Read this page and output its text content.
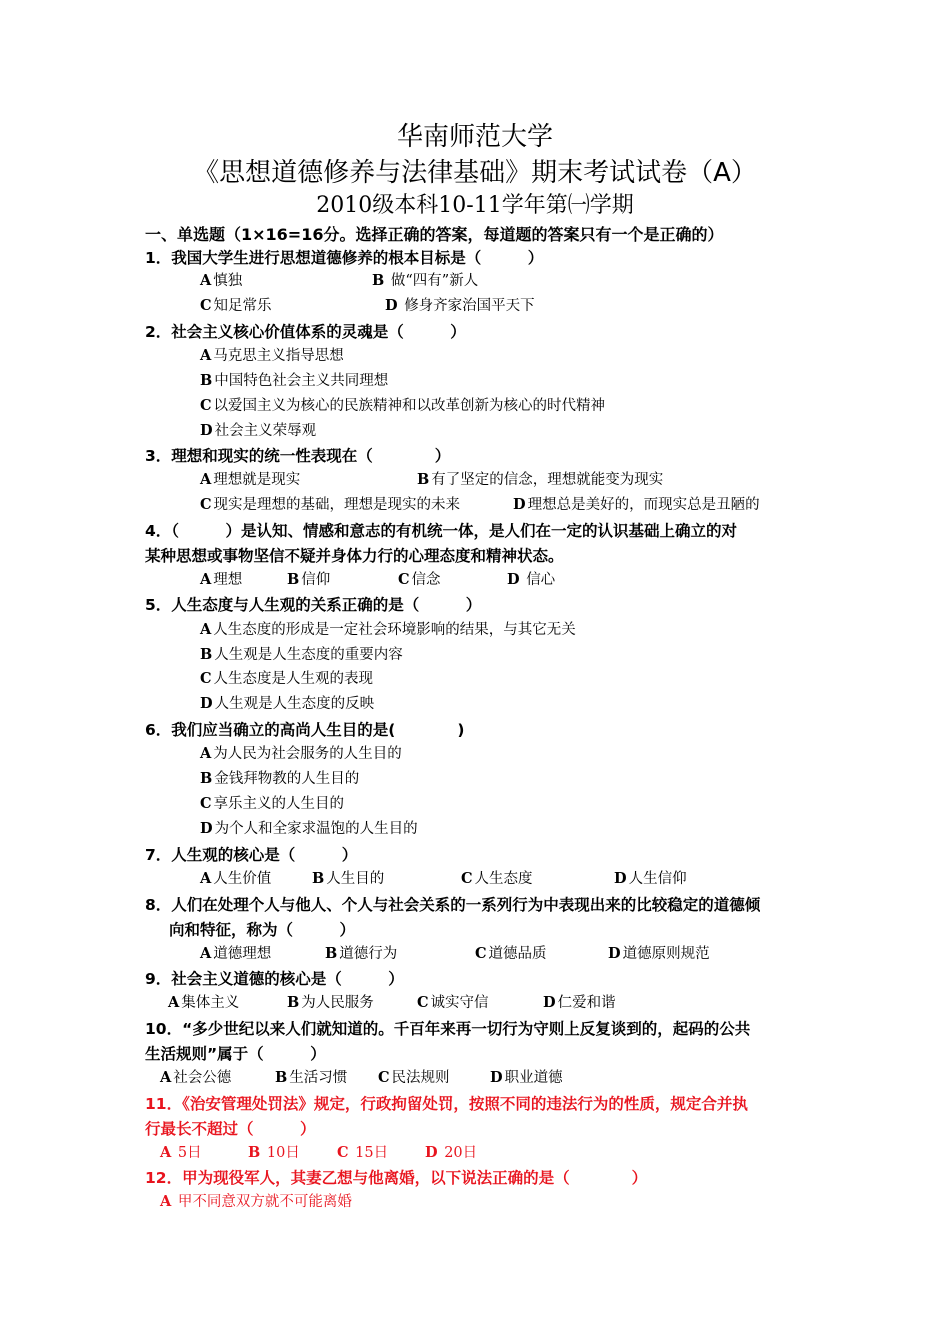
华南师范大学
《思想道德修养与法律基础》期末考试试卷（A）
2010级本科10-11学年第㈠学期
一、单选题（1×16=16分。选择正确的答案，每道题的答案只有一个是正确的）

1．我国大学生进行思想道德修养的根本目标是（　　　）

A 慎独	B 做“四有”新人
C 知足常乐	D 修身齐家治国平天下

2．社会主义核心价值体系的灵魂是（　　　）

A 马克思主义指导思想
B 中国特色社会主义共同理想
C 以爱国主义为核心的民族精神和以改革创新为核心的时代精神
D 社会主义荣辱观

3．理想和现实的统一性表现在（　　　　）

A 理想就是现实	B 有了坚定的信念，理想就能变为现实
C 现实是理想的基础，理想是现实的未来	D 理想总是美好的，而现实总是丑陋的

4．（　　　）是认知、情感和意志的有机统一体，是人们在一定的认识基础上确立的对
某种思想或事物坚信不疑并身体力行的心理态度和精神状态。

A 理想	B 信仰	C 信念	D 信心

5．人生态度与人生观的关系正确的是（　　　）

A 人生态度的形成是一定社会环境影响的结果，与其它无关
B 人生观是人生态度的重要内容
C 人生态度是人生观的表现
D 人生观是人生态度的反映

6．我们应当确立的高尚人生目的是(　　　　)

A 为人民为社会服务的人生目的
B 金钱拜物教的人生目的
C 享乐主义的人生目的
D 为个人和全家求温饱的人生目的

7．人生观的核心是（　　　）

A 人生价值	B 人生目的	C 人生态度	D 人生信仰

8．人们在处理个人与他人、个人与社会关系的一系列行为中表现出来的比较稳定的道德倾
向和特征，称为（　　　）

A 道德理想	B 道德行为	C 道德品质	D 道德原则规范

9．社会主义道德的核心是（　　　）

A 集体主义	B 为人民服务	C 诚实守信	D 仁爱和谐

10．“多少世纪以来人们就知道的。千百年来再一切行为守则上反复谈到的，起码的公共
生活规则”属于（　　　）

A 社会公德	B 生活习惯 C 民法规则	D 职业道德

11．《治安管理处罚法》规定，行政拘留处罚，按照不同的违法行为的性质，规定合并执
行最长不超过（　　　）

A 5日	B 10日	C 15日	D 20日

12．甲为现役军人，其妻乙想与他离婚，以下说法正确的是（　　　　）

A 甲不同意双方就不可能离婚
